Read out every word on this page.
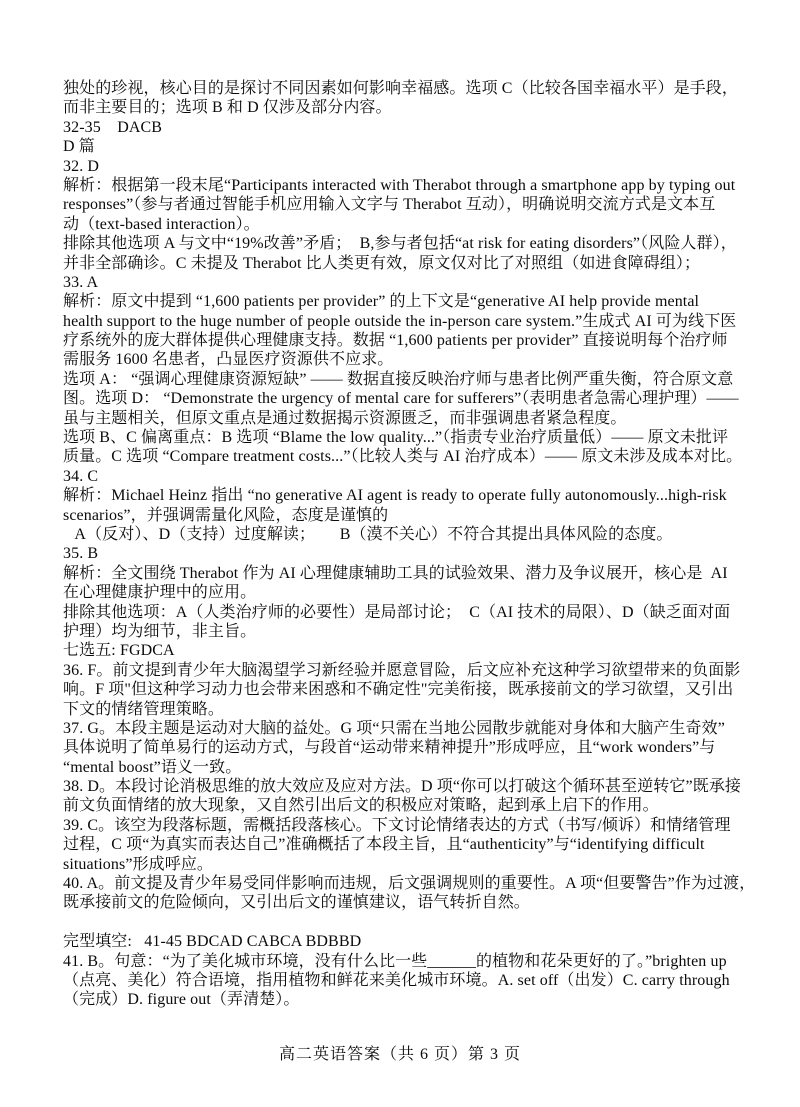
独处的珍视，核心目的是探讨不同因素如何影响幸福感。选项 C（比较各国幸福水平）是手段，
而非主要目的；选项 B 和 D 仅涉及部分内容。
32-35    DACB
D 篇
32. D
解析：根据第一段末尾“Participants interacted with Therabot through a smartphone app by typing out
responses”（参与者通过智能手机应用输入文字与 Therabot 互动），明确说明交流方式是文本互
动（text-based interaction）。
排除其他选项 A 与文中“19%改善”矛盾；  B,参与者包括“at risk for eating disorders”（风险人群），
并非全部确诊。C 未提及 Therabot 比人类更有效，原文仅对比了对照组（如进食障碍组）；
33. A
解析：原文中提到 “1,600 patients per provider” 的上下文是“generative AI help provide mental
health support to the huge number of people outside the in-person care system.”生成式 AI 可为线下医
疗系统外的庞大群体提供心理健康支持。数据 “1,600 patients per provider” 直接说明每个治疗师
需服务 1600 名患者，凸显医疗资源供不应求。
选项 A： “强调心理健康资源短缺” —— 数据直接反映治疗师与患者比例严重失衡，符合原文意
图。选项 D： “Demonstrate the urgency of mental care for sufferers”（表明患者急需心理护理）——
虽与主题相关，但原文重点是通过数据揭示资源匮乏，而非强调患者紧急程度。
选项 B、C 偏离重点：B 选项 “Blame the low quality...”（指责专业治疗质量低）—— 原文未批评
质量。C 选项 “Compare treatment costs...”（比较人类与 AI 治疗成本）—— 原文未涉及成本对比。
34. C
解析：Michael Heinz 指出 “no generative AI agent is ready to operate fully autonomously...high-risk
scenarios”，并强调需量化风险，态度是谨慎的
A（反对）、D（支持）过度解读；      B（漠不关心）不符合其提出具体风险的态度。
35. B
解析：全文围绕 Therabot 作为 AI 心理健康辅助工具的试验效果、潜力及争议展开，核心是  AI
在心理健康护理中的应用。
排除其他选项：A（人类治疗师的必要性）是局部讨论；  C（AI 技术的局限）、D（缺乏面对面
护理）均为细节，非主旨。
七选五: FGDCA
36. F。前文提到青少年大脑渴望学习新经验并愿意冒险，后文应补充这种学习欲望带来的负面影
响。F 项"但这种学习动力也会带来困惑和不确定性"完美衔接，既承接前文的学习欲望，又引出
下文的情绪管理策略。
37. G。本段主题是运动对大脑的益处。G 项“只需在当地公园散步就能对身体和大脑产生奇效”
具体说明了简单易行的运动方式，与段首“运动带来精神提升”形成呼应，且“work wonders”与
“mental boost”语义一致。
38. D。本段讨论消极思维的放大效应及应对方法。D 项“你可以打破这个循环甚至逆转它”既承接
前文负面情绪的放大现象，又自然引出后文的积极应对策略，起到承上启下的作用。
39. C。该空为段落标题，需概括段落核心。下文讨论情绪表达的方式（书写/倾诉）和情绪管理
过程，C 项“为真实而表达自己”准确概括了本段主旨，且“authenticity”与“identifying difficult
situations”形成呼应。
40. A。前文提及青少年易受同伴影响而违规，后文强调规则的重要性。A 项“但要警告”作为过渡，
既承接前文的危险倾向，又引出后文的谨慎建议，语气转折自然。
完型填空:   41-45 BDCAD CABCA BDBBD
41. B。句意：“为了美化城市环境，没有什么比一些______的植物和花朵更好的了。”brighten up
（点亮、美化）符合语境，指用植物和鲜花来美化城市环境。A. set off（出发）C. carry through
（完成）D. figure out（弄清楚）。
高二英语答案（共 6 页）第 3 页
